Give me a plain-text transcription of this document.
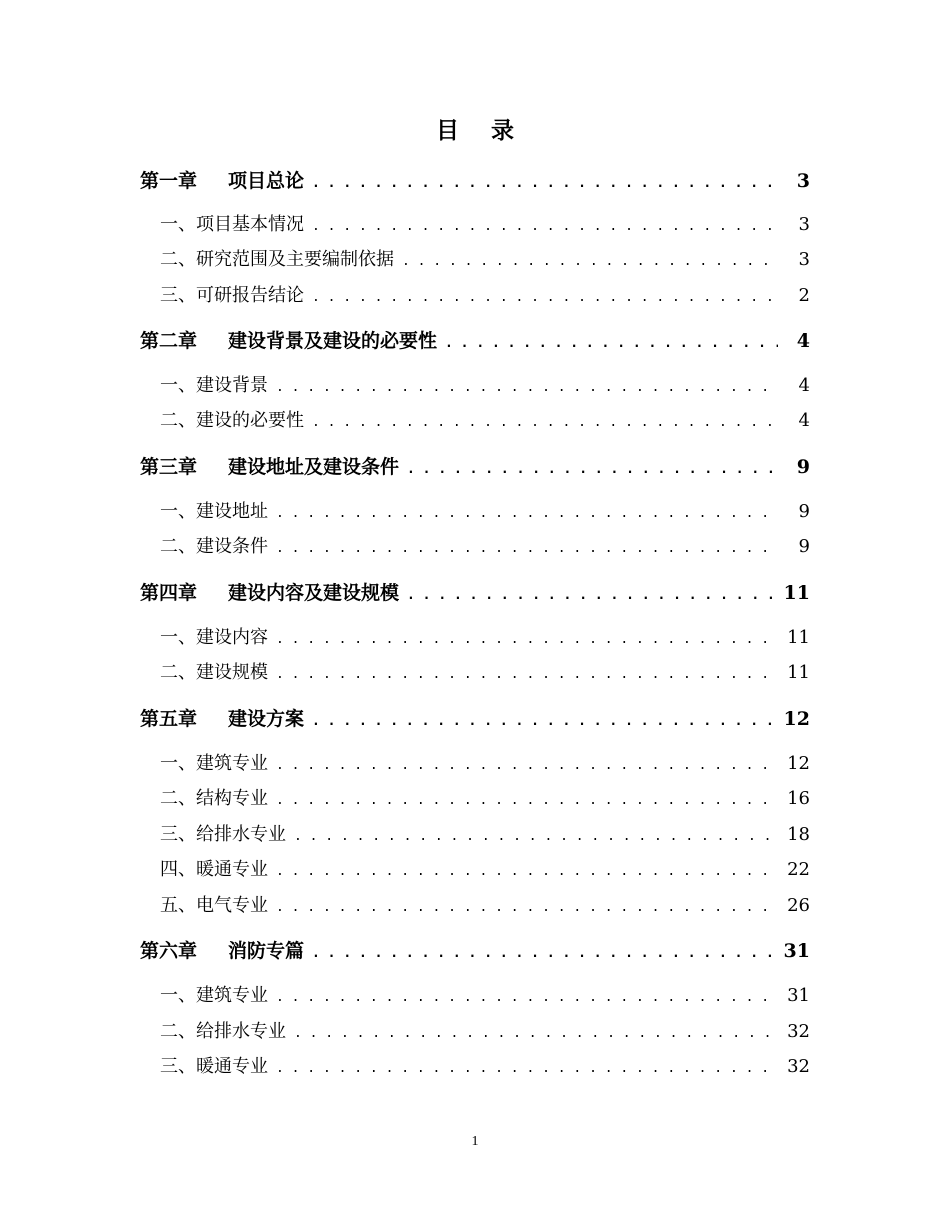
目 录
第一章 项目总论 . . .	3
一、项目基本情况 . . .	3
二、研究范围及主要编制依据 . . .	3
三、可研报告结论 . . .	2
第二章 建设背景及建设的必要性 . . .	4
一、建设背景 . . .	4
二、建设的必要性 . . .	4
第三章 建设地址及建设条件 . . .	9
一、建设地址 . . .	9
二、建设条件 . . .	9
第四章 建设内容及建设规模 . . .	11
一、建设内容 . . .	11
二、建设规模 . . .	11
第五章 建设方案 . . .	12
一、建筑专业 . . .	12
二、结构专业 . . .	16
三、给排水专业 . . .	18
四、暖通专业 . . .	22
五、电气专业 . . .	26
第六章 消防专篇 . . .	31
一、建筑专业 . . .	31
二、给排水专业 . . .	32
三、暖通专业 . . .	32
1
